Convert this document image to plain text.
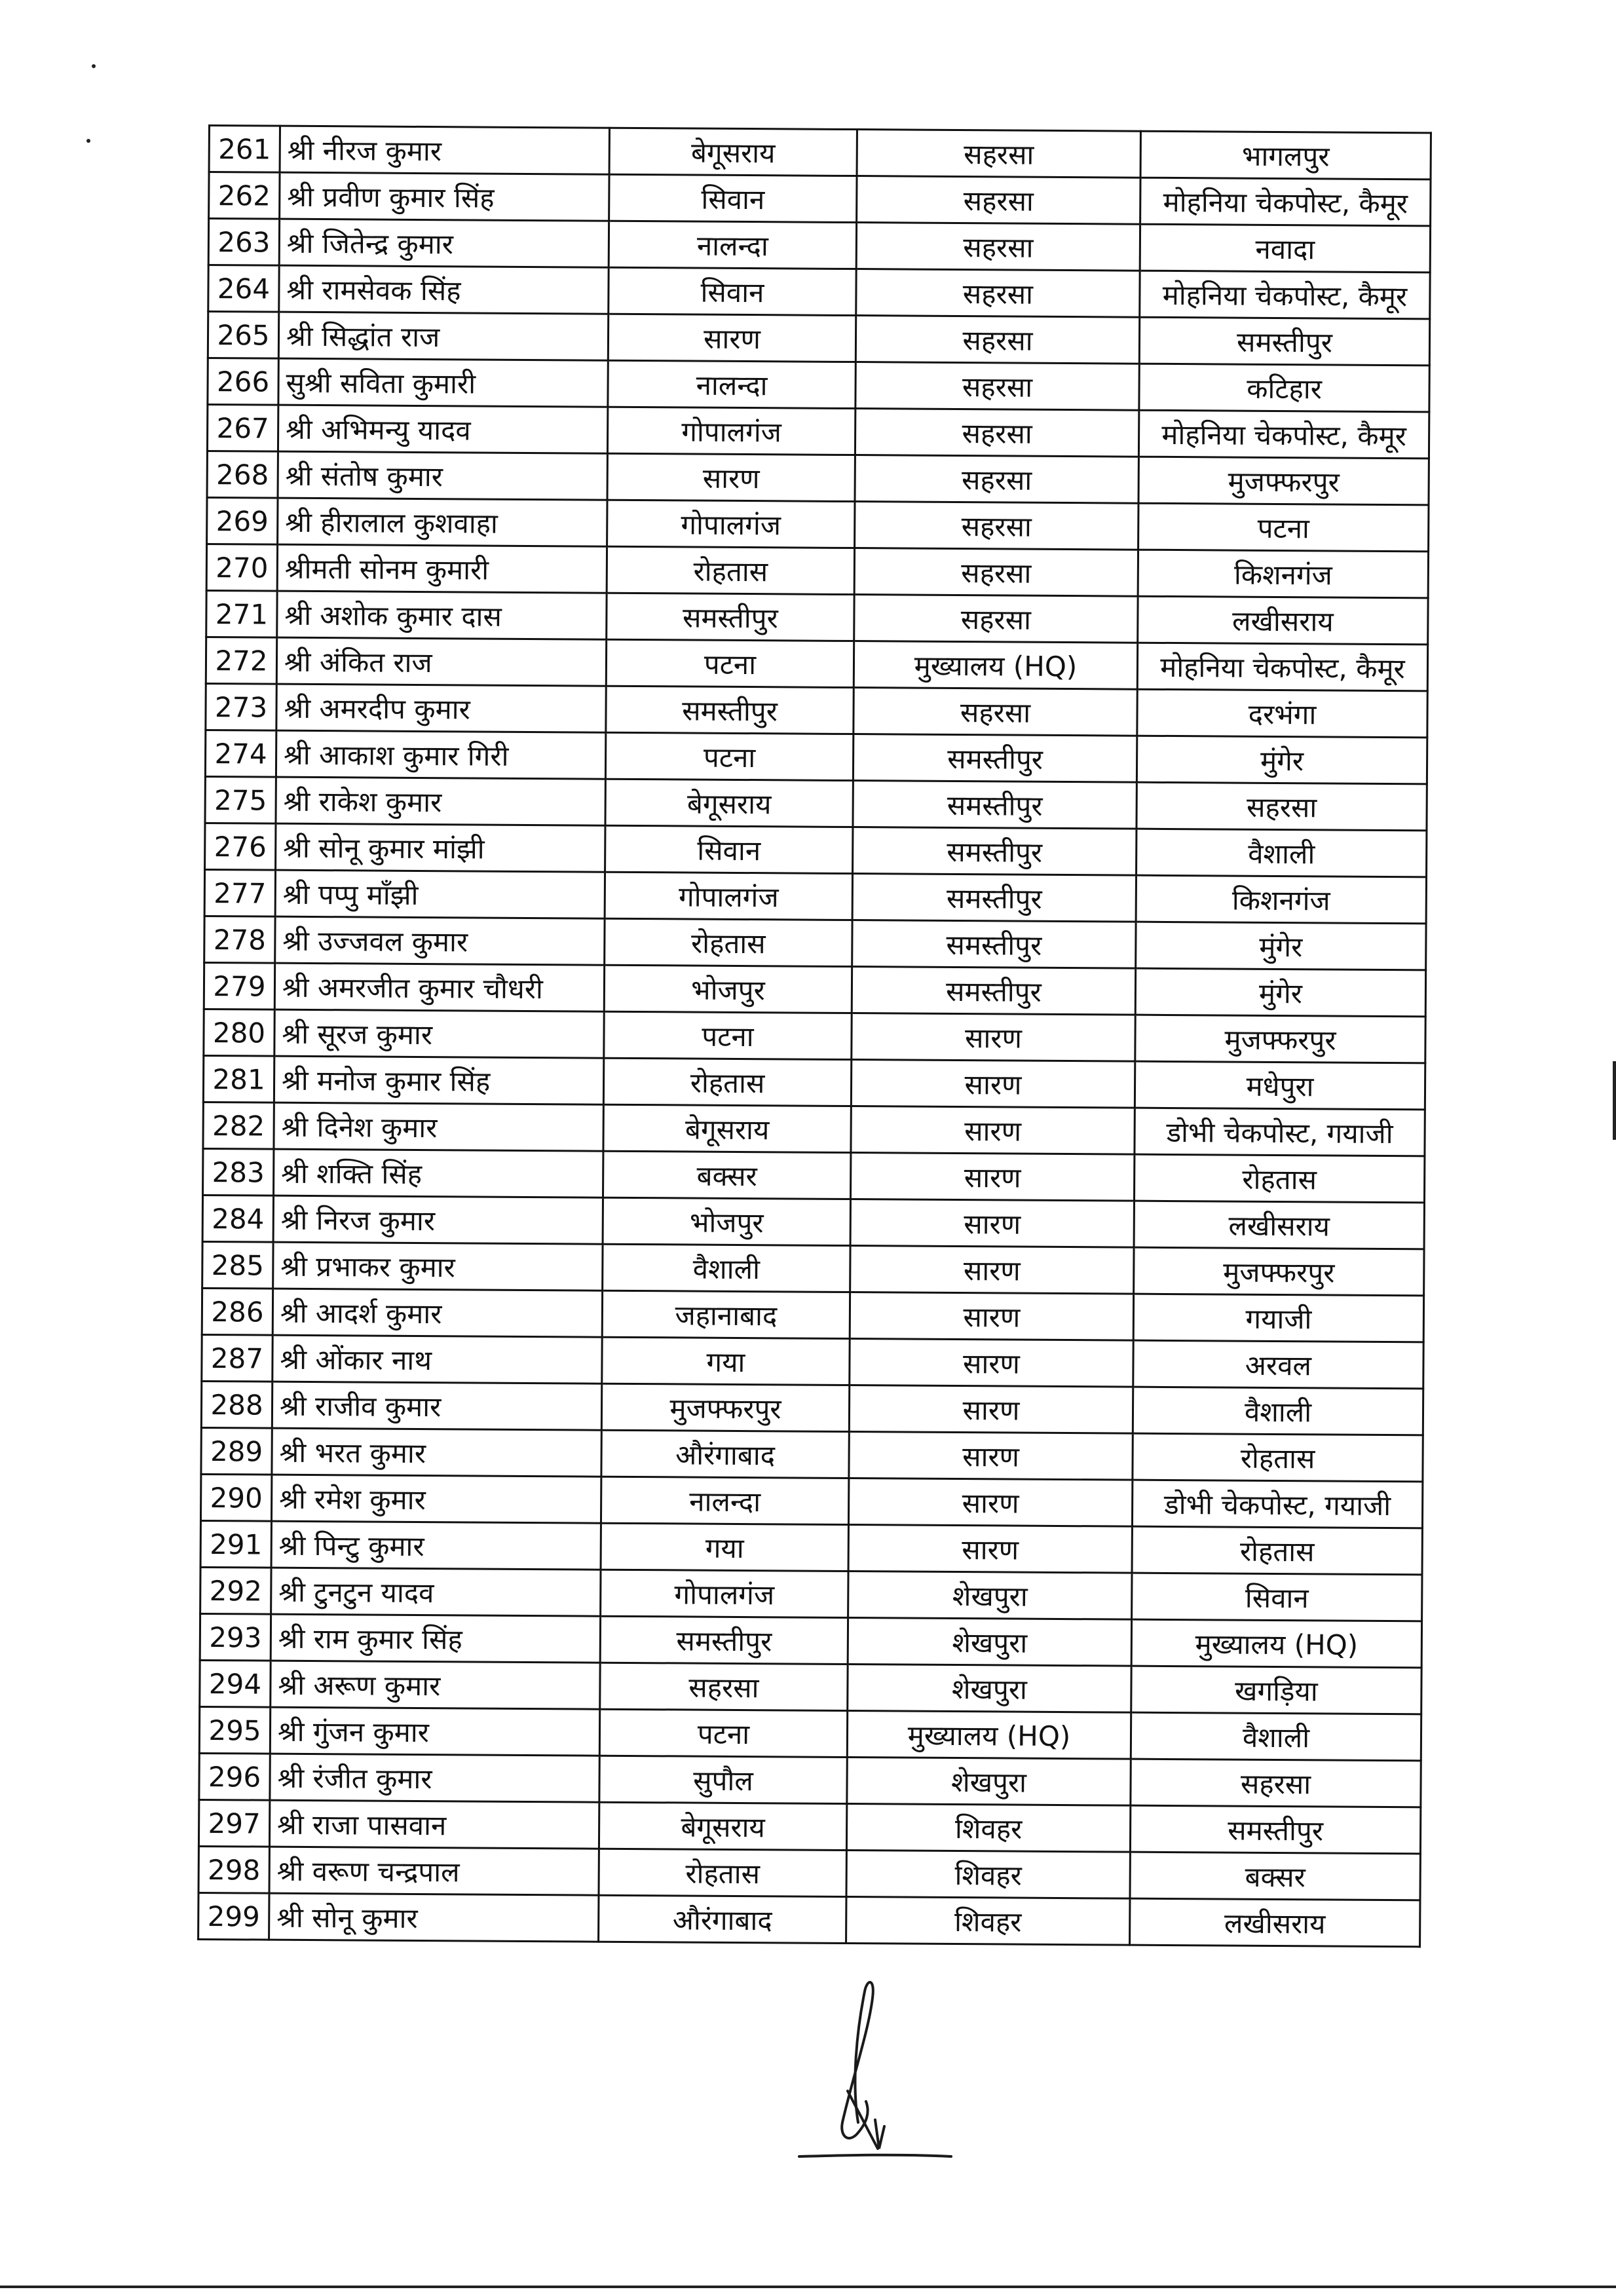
261	श्री नीरज कुमार	बेगूसराय	सहरसा	भागलपुर
262	श्री प्रवीण कुमार सिंह	सिवान	सहरसा	मोहनिया चेकपोस्ट, कैमूर
263	श्री जितेन्द्र कुमार	नालन्दा	सहरसा	नवादा
264	श्री रामसेवक सिंह	सिवान	सहरसा	मोहनिया चेकपोस्ट, कैमूर
265	श्री सिद्धांत राज	सारण	सहरसा	समस्तीपुर
266	सुश्री सविता कुमारी	नालन्दा	सहरसा	कटिहार
267	श्री अभिमन्यु यादव	गोपालगंज	सहरसा	मोहनिया चेकपोस्ट, कैमूर
268	श्री संतोष कुमार	सारण	सहरसा	मुजफ्फरपुर
269	श्री हीरालाल कुशवाहा	गोपालगंज	सहरसा	पटना
270	श्रीमती सोनम कुमारी	रोहतास	सहरसा	किशनगंज
271	श्री अशोक कुमार दास	समस्तीपुर	सहरसा	लखीसराय
272	श्री अंकित राज	पटना	मुख्यालय (HQ)	मोहनिया चेकपोस्ट, कैमूर
273	श्री अमरदीप कुमार	समस्तीपुर	सहरसा	दरभंगा
274	श्री आकाश कुमार गिरी	पटना	समस्तीपुर	मुंगेर
275	श्री राकेश कुमार	बेगूसराय	समस्तीपुर	सहरसा
276	श्री सोनू कुमार मांझी	सिवान	समस्तीपुर	वैशाली
277	श्री पप्पु माँझी	गोपालगंज	समस्तीपुर	किशनगंज
278	श्री उज्जवल कुमार	रोहतास	समस्तीपुर	मुंगेर
279	श्री अमरजीत कुमार चौधरी	भोजपुर	समस्तीपुर	मुंगेर
280	श्री सूरज कुमार	पटना	सारण	मुजफ्फरपुर
281	श्री मनोज कुमार सिंह	रोहतास	सारण	मधेपुरा
282	श्री दिनेश कुमार	बेगूसराय	सारण	डोभी चेकपोस्ट, गयाजी
283	श्री शक्ति सिंह	बक्सर	सारण	रोहतास
284	श्री निरज कुमार	भोजपुर	सारण	लखीसराय
285	श्री प्रभाकर कुमार	वैशाली	सारण	मुजफ्फरपुर
286	श्री आदर्श कुमार	जहानाबाद	सारण	गयाजी
287	श्री ओंकार नाथ	गया	सारण	अरवल
288	श्री राजीव कुमार	मुजफ्फरपुर	सारण	वैशाली
289	श्री भरत कुमार	औरंगाबाद	सारण	रोहतास
290	श्री रमेश कुमार	नालन्दा	सारण	डोभी चेकपोस्ट, गयाजी
291	श्री पिन्टु कुमार	गया	सारण	रोहतास
292	श्री टुनटुन यादव	गोपालगंज	शेखपुरा	सिवान
293	श्री राम कुमार सिंह	समस्तीपुर	शेखपुरा	मुख्यालय (HQ)
294	श्री अरूण कुमार	सहरसा	शेखपुरा	खगड़िया
295	श्री गुंजन कुमार	पटना	मुख्यालय (HQ)	वैशाली
296	श्री रंजीत कुमार	सुपौल	शेखपुरा	सहरसा
297	श्री राजा पासवान	बेगूसराय	शिवहर	समस्तीपुर
298	श्री वरूण चन्द्रपाल	रोहतास	शिवहर	बक्सर
299	श्री सोनू कुमार	औरंगाबाद	शिवहर	लखीसराय
